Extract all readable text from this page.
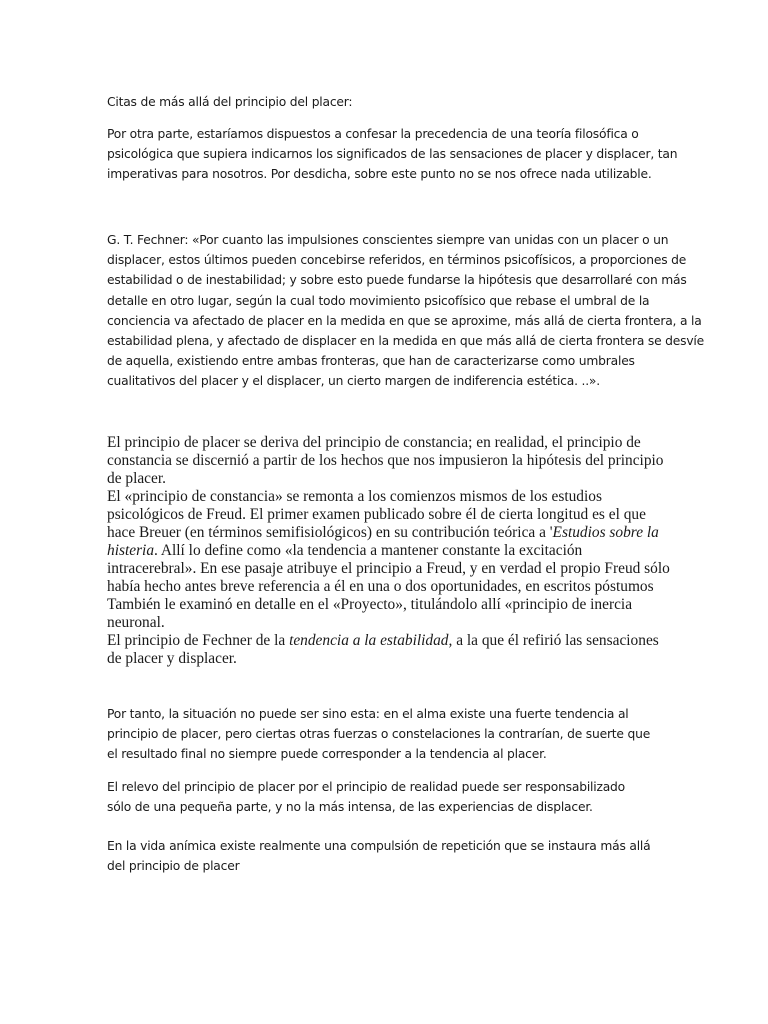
Citas de más allá del principio del placer:
Por otra parte, estaríamos dispuestos a confesar la precedencia de una teoría filosófica o
psicológica que supiera indicarnos los significados de las sensaciones de placer y displacer, tan
imperativas para nosotros. Por desdicha, sobre este punto no se nos ofrece nada utilizable.
G. T. Fechner: «Por cuanto las impulsiones conscientes siempre van unidas con un placer o un
displacer, estos últimos pueden concebirse referidos, en términos psicofísicos, a proporciones de
estabilidad o de inestabilidad; y sobre esto puede fundarse la hipótesis que desarrollaré con más
detalle en otro lugar, según la cual todo movimiento psicofísico que rebase el umbral de la
conciencia va afectado de placer en la medida en que se aproxime, más allá de cierta frontera, a la
estabilidad plena, y afectado de displacer en la medida en que más allá de cierta frontera se desvíe
de aquella, existiendo entre ambas fronteras, que han de caracterizarse como umbrales
cualitativos del placer y el displacer, un cierto margen de indiferencia estética. ..».
El principio de placer se deriva del principio de constancia; en realidad, el principio de
constancia se discernió a partir de los hechos que nos impusieron la hipótesis del principio
de placer.
El «principio de constancia» se remonta a los comienzos mismos de los estudios
psicológicos de Freud. El primer examen publicado sobre él de cierta longitud es el que
hace Breuer (en términos semifisiológicos) en su contribución teórica a 'Estudios sobre la
histeria. Allí lo define como «la tendencia a mantener constante la excitación
intracerebral». En ese pasaje atribuye el principio a Freud, y en verdad el propio Freud sólo
había hecho antes breve referencia a él en una o dos oportunidades, en escritos póstumos
También le examinó en detalle en el «Proyecto», titulándolo allí «principio de inercia
neuronal.
El principio de Fechner de la tendencia a la estabilidad, a la que él refirió las sensaciones
de placer y displacer.
Por tanto, la situación no puede ser sino esta: en el alma existe una fuerte tendencia al
principio de placer, pero ciertas otras fuerzas o constelaciones la contrarían, de suerte que
el resultado final no siempre puede corresponder a la tendencia al placer.
El relevo del principio de placer por el principio de realidad puede ser responsabilizado
sólo de una pequeña parte, y no la más intensa, de las experiencias de displacer.
En la vida anímica existe realmente una compulsión de repetición que se instaura más allá
del principio de placer
